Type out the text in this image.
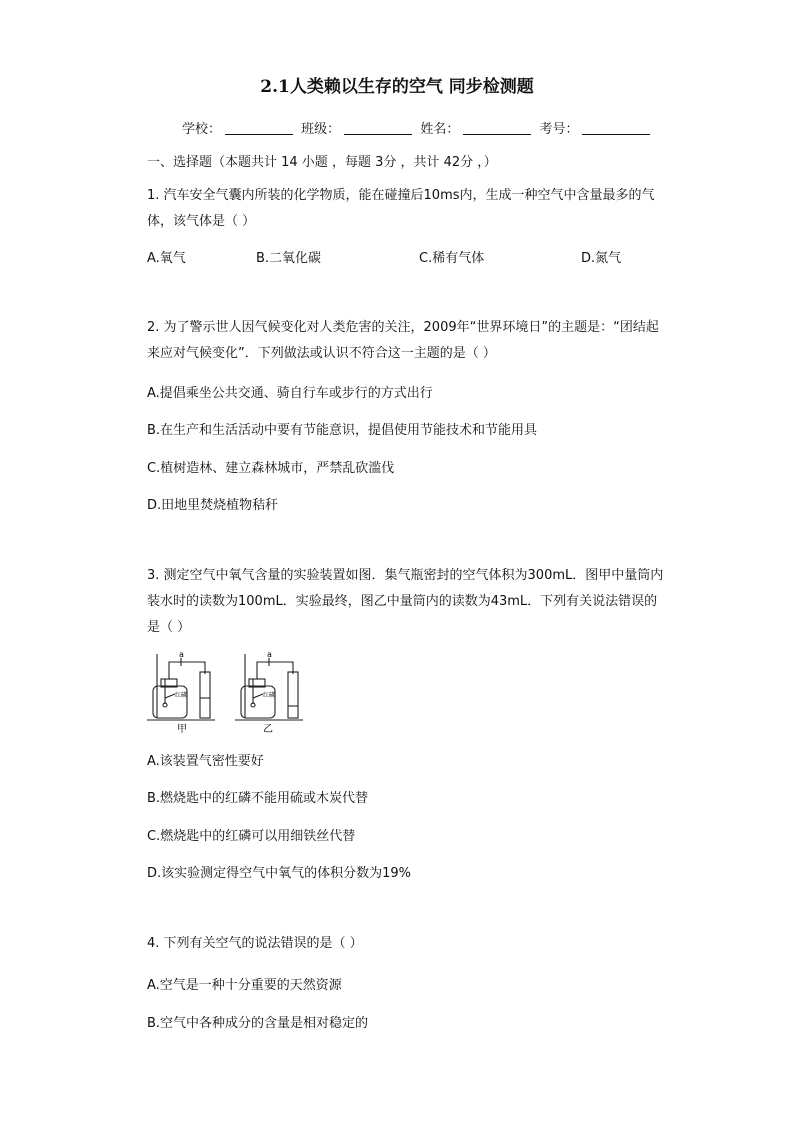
2.1人类赖以生存的空气 同步检测题
学校：	班级：	姓名：	考号：
一、选择题（本题共计 14 小题 ，每题 3分 ，共计 42分 ，）

1. 汽车安全气囊内所装的化学物质，能在碰撞后10ms内，生成一种空气中含量最多的气体，该气体是（ ）

A.氧气	B.二氧化碳	C.稀有气体	D.氮气

2. 为了警示世人因气候变化对人类危害的关注，2009年“世界环境日”的主题是：“团结起来应对气候变化”．下列做法或认识不符合这一主题的是（ ）

A.提倡乘坐公共交通、骑自行车或步行的方式出行
B.在生产和生活活动中要有节能意识，提倡使用节能技术和节能用具
C.植树造林、建立森林城市，严禁乱砍滥伐
D.田地里焚烧植物秸秆

3. 测定空气中氧气含量的实验装置如图．集气瓶密封的空气体积为300mL．图甲中量筒内装水时的读数为100mL．实验最终，图乙中量筒内的读数为43mL．下列有关说法错误的是（ ）

a
红磷
甲
a
红磷
乙
A.该装置气密性要好
B.燃烧匙中的红磷不能用硫或木炭代替
C.燃烧匙中的红磷可以用细铁丝代替
D.该实验测定得空气中氧气的体积分数为19%

4. 下列有关空气的说法错误的是（ ）

A.空气是一种十分重要的天然资源
B.空气中各种成分的含量是相对稳定的
